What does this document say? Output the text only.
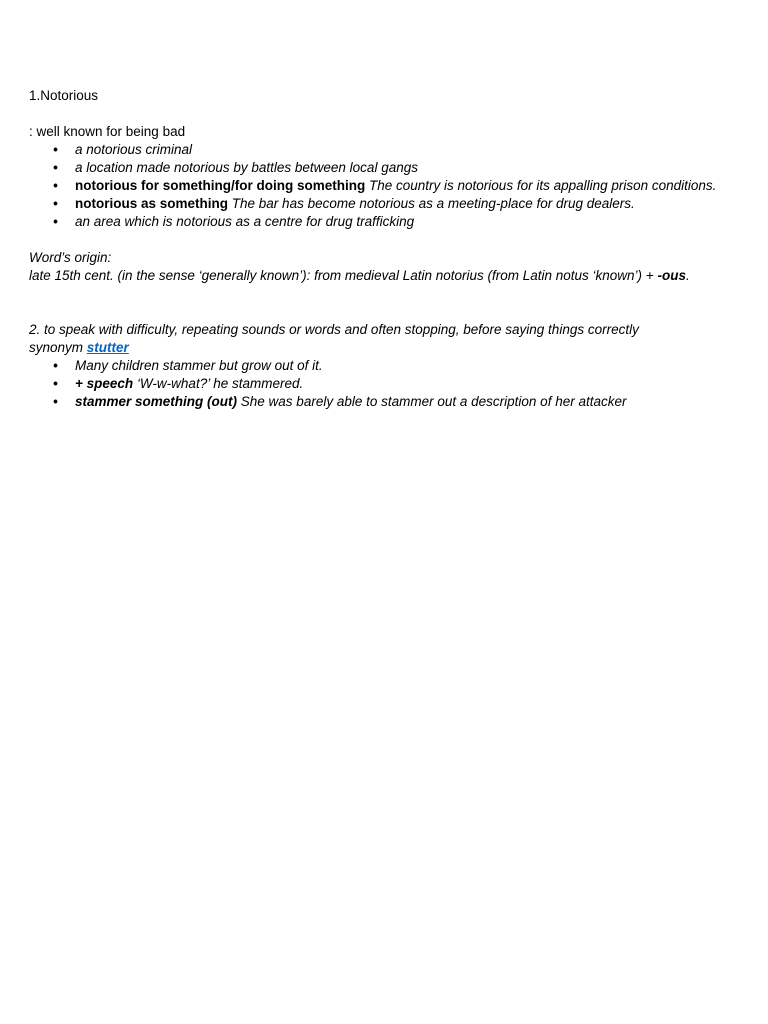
1.Notorious
: well known for being bad
• a notorious criminal
• a location made notorious by battles between local gangs
• notorious for something/for doing something The country is notorious for its appalling prison conditions.
• notorious as something The bar has become notorious as a meeting-place for drug dealers.
• an area which is notorious as a centre for drug trafficking
Word’s origin:
late 15th cent. (in the sense ‘generally known’): from medieval Latin notorius (from Latin notus ‘known’) + -ous.
2. to speak with difficulty, repeating sounds or words and often stopping, before saying things correctly
synonym stutter
• Many children stammer but grow out of it.
• + speech ‘W-w-what?’ he stammered.
• stammer something (out) She was barely able to stammer out a description of her attacker
